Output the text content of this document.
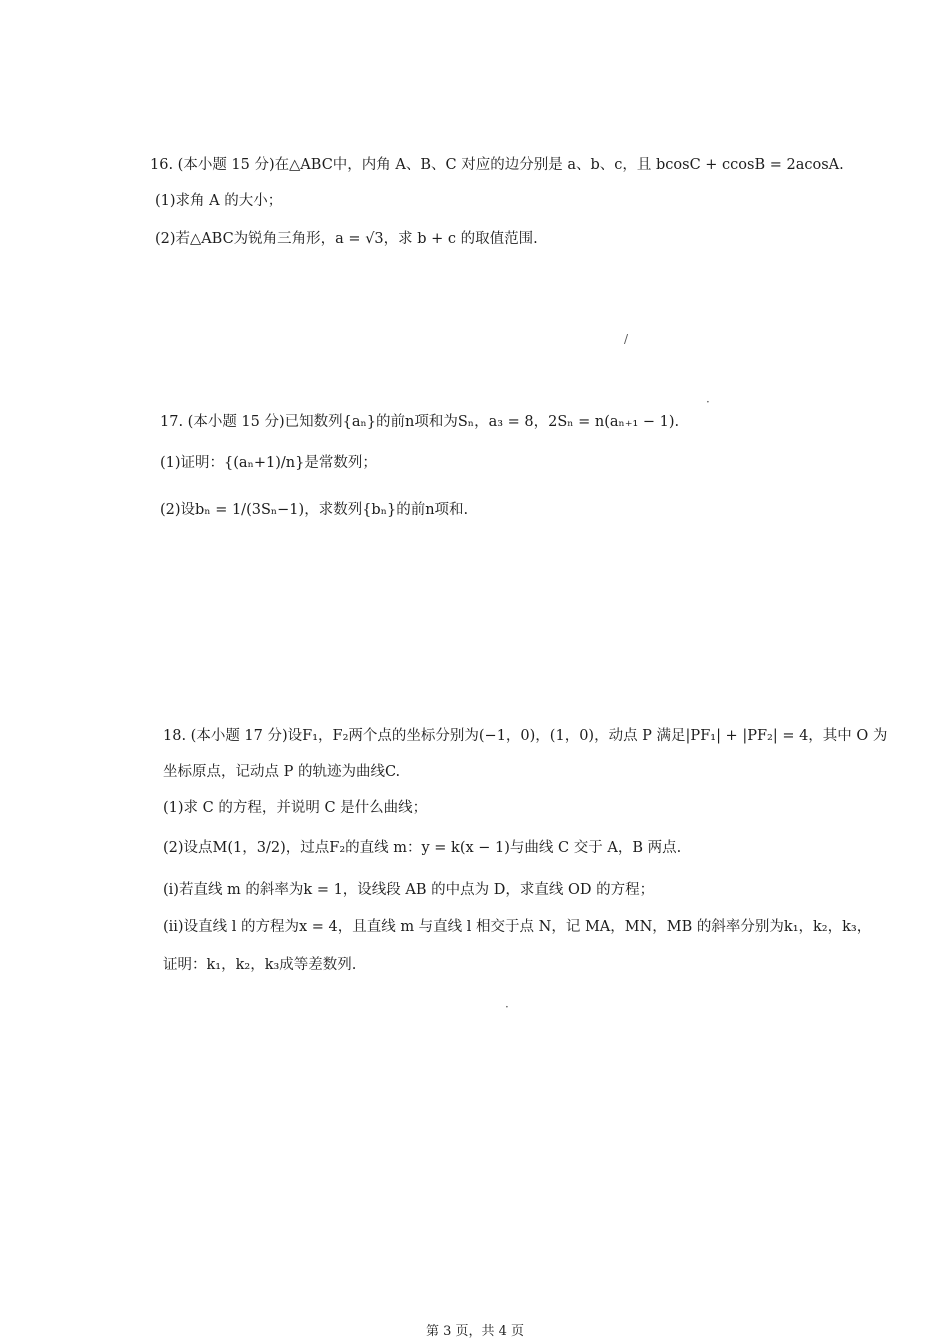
16. (本小题 15 分)在△ABC中，内角 A、B、C 对应的边分别是 a、b、c，且 bcosC + ccosB = 2acosA.
(1)求角 A 的大小；
(2)若△ABC为锐角三角形，a = √3，求 b + c 的取值范围.
/
·
17. (本小题 15 分)已知数列{aₙ}的前n项和为Sₙ，a₃ = 8，2Sₙ = n(aₙ₊₁ − 1).
(1)证明：{(aₙ+1)/n}是常数列；
(2)设bₙ = 1/(3Sₙ−1)，求数列{bₙ}的前n项和.
18. (本小题 17 分)设F₁，F₂两个点的坐标分别为(−1，0)，(1，0)，动点 P 满足|PF₁| + |PF₂| = 4，其中 O 为
坐标原点，记动点 P 的轨迹为曲线C.
(1)求 C 的方程，并说明 C 是什么曲线；
(2)设点M(1，3/2)，过点F₂的直线 m：y = k(x − 1)与曲线 C 交于 A，B 两点.
(i)若直线 m 的斜率为k = 1，设线段 AB 的中点为 D，求直线 OD 的方程；
(ii)设直线 l 的方程为x = 4，且直线 m 与直线 l 相交于点 N，记 MA，MN，MB 的斜率分别为k₁，k₂，k₃，
证明：k₁，k₂，k₃成等差数列.
·
第 3 页，共 4 页
